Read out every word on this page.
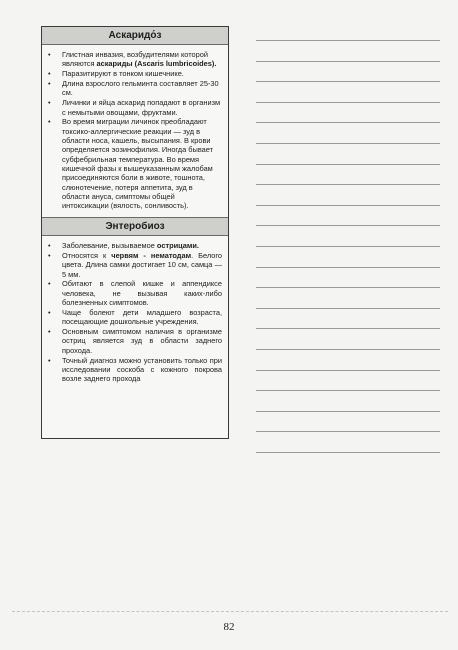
Аскаридо́з
• Глистная инвазия, возбудителями которой являются аскариды (Ascaris lumbricoides).
• Паразитируют в тонком кишечнике.
• Длина взрослого гельминта составляет 25-30 см.
• Личинки и яйца аскарид попадают в организм с немытыми овощами, фруктами.
• Во время миграции личинок преобладают токсико-аллергические реакции — зуд в области носа, кашель, высыпания. В крови определяется эозинофилия. Иногда бывает субфебрильная температура. Во время кишечной фазы к вышеуказанным жалобам присоединяются боли в животе, тошнота, слюнотечение, потеря аппетита, зуд в области ануса, симптомы общей интоксикации (вялость, сонливость).
Энтеробиоз
• Заболевание, вызываемое острицами.
• Относятся к червям - нематодам. Белого цвета. Длина самки достигает 10 см, самца — 5 мм.
• Обитают в слепой кишке и аппендиксе человека, не вызывая каких-либо болезненных симптомов.
• Чаще болеют дети младшего возраста, посещающие дошкольные учреждения.
• Основным симптомом наличия в организме остриц является зуд в области заднего прохода.
• Точный диагноз можно установить только при исследовании соскоба с кожного покрова возле заднего прохода
82
